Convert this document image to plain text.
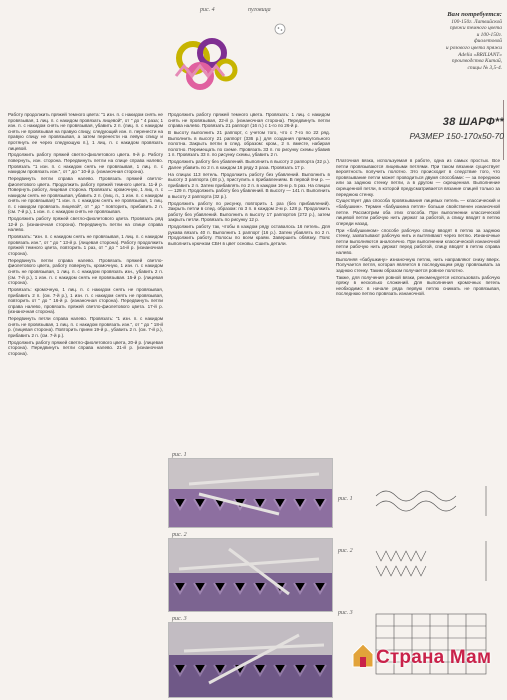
рис. 4	пуговица
Вам потребуется:
100-150г. Латвийской
пряжи темного цвета
и 100-150г.
фиолетовой
и розового цвета пряжи
Adelia «BRILIANT»
производства Китай,
спицы № 3,5-4.
38 ШАРФ**
РАЗМЕР 150-170х50-70

Работу продолжить пряжей темного цвета: "1 изн. п. с накидом снять не провязывая, 1 лиц. п. с накидом провязать лицевой", от " до " 4 раза; 1 изн. п. с накидом снять не провязывая, убавить 2 п. (лиц. п. с накидом снять не провязывая на правую спицу, следующий изн. п. перенести на правую спицу не провязывая, а затем перенести на левую спицу и протянуть ее через следующую п.), 1 лиц. п. с накидом провязать лицевой.

Продолжить работу пряжей светло-фиолетового цвета. 9-й р. Работу повернуть, изн. сторона. Передвинуть петли на спице справа налево. Провязать "1 изн. п. с накидом снять не провязывая, 1 лиц. п. с накидом провязать изн.", от " до " 10-й р. (изнаночная сторона).

Передвинуть петли справа налево. Провязать пряжей светло-фиолетового цвета. Продолжить работу пряжей темного цвета. 11-й р. Повернуть работу, лицевая сторона. Провязать: кромочную, 1 лиц. п. с накидом снять не провязывая, убавить 2 п. (лиц. п., 1 изн. п. с накидом снять не провязывая) "1 изн. п. с накидом снять не провязывая, 1 лиц. п. с накидом провязать лицевой", от " до " повторить, прибавить 2 п. (см. 7-й р.), 1 изн. п. с накидом снять не провязывая.

Продолжить работу пряжей светло-фиолетового цвета. Провязать ряд 12-й р. (изнаночная сторона). Передвинуть петли на спице справа налево.

Провязать: "изн. п. с накидом снять не провязывая, 1 лиц. п. с накидом провязать изн.", от " до " 13-й р. (лицевая сторона). Работу продолжить пряжей темного цвета, повторить 1 раз, от " до " 14-й р. (изнаночная сторона).

Передвинуть петли справа налево. Провязать пряжей светло-фиолетового цвета, работу повернуть, кромочную, 1 изн. п. с накидом снять не провязывая, 1 лиц. п. с накидом провязать изн., убавить 2 п. (см. 7-й р.), 1 изн. п. с накидом снять не провязывая. 15-й р. (лицевая сторона).

Провязать: кромочную, 1 лиц. п. с накидом снять не провязывая, прибавить 2 п. (см. 7-й р.), 1 изн. п. с накидом снять не провязывая, повторить от " до " 16-й р. (изнаночная сторона). Передвинуть петли справа налево, провязать пряжей светло-фиолетового цвета. 17-й р. (изнаночная сторона).

Передвинуть петли справа налево. Провязать: "1 изн. п. с накидом снять не провязывая, 1 лиц. п. с накидом провязать изн.", от " до " 18-й р. (лицевая сторона). Повторить прием 19-й р., убавить 2 п. (см. 7-й р.), прибавить 2 п. (см. 7-й р.).

Продолжить работу пряжей светло-фиолетового цвета, 20-й р. (лицевая сторона). Передвинуть петли справа налево. 21-й р. (изнаночная сторона).

Продолжить работу пряжей темного цвета. Провязать: 1 лиц. с накидом снять не провязывая, 22-й р. (изнаночная сторона). Передвинуть петли справа налево. Провязать 21 раппорт (16 п.) с 1-го по 26-й р.

В высоту выполнить 21 раппорт, с учетом того, что с 7-го по 22 ряд. Выполнить в высоту 21 раппорт (336 р.) для создания прямоугольного полотна. Закрыть петли в след. образом: кром., 2 п. вместе, набирая полотно. Перемещать по схеме. Провязать 33 п. по рисунку схемы убавив 1 п. Провязать 33 п. по рисунку схемы, убавить 2 п.

Продолжить работу без убавлений. Выполнить в высоту 2 раппорта (32 р.). Далее убавить по 2 п. в каждом 16 ряду 3 раза. Провязать 17 р.

На спицах 113 петель. Продолжить работу без убавлений. Выполнить в высоту 3 раппорта (48 р.), приступить к прибавлениям. В первой 8-м р. — прибавить 2 п. Затем прибавлять по 2 п. в каждом 16-м р. 5 раз. На спицах — 129 п. Продолжить работу без убавлений. В высоту — 141 п. Выполнить в высоту 2 раппорта (32 р.).

Продолжить работу по рисунку, повторить 1 раз (без прибавлений). Закрыть петли в след. образом: по 3 п. в каждом 2-м р. 128 р. Продолжить работу без убавлений. Выполнить в высоту 17 раппортов (272 р.), затем закрыть петли. Провязать по рисунку 12 р.

Продолжить работу так, чтобы в каждом ряду оставалось 16 петель. Для рукава вязать 40 п. Выполнить 1 раппорт (16 р.). Затем убавлять по 2 п. Продолжить работу. Полосы по всем краям. Завершить обвязку. Пояс выполнить крючком СБН в цвет основы. Сшить детали.

Платочная вязка, используемая в работе, одна из самых простых. Все петли провязываются лицевыми петлями. При таком вязании существует вероятность получить полотно. Это происходит в следствие того, что провязывание петли может проводиться двумя способами: — за переднюю или за заднюю стенку петли, а в другом — скрещенная. Выполнение скрещенной петли, в которой предусматривается вязание спицей только за переднюю стенку.

Существует два способа провязывания лицевых петель — классический и «бабушкин». Термин «бабушкина петля» больше свойственен изнаночной петле. Рассмотрим оба этих способа. При выполнении классической лицевой петли рабочую нить держат за работой, а спицу вводят в петлю спереди назад.

При «бабушкином» способе рабочую спицу вводят в петлю за заднюю стенку, захватывают рабочую нить и вытягивают через петлю. Изнаночные петли выполняются аналогично. При выполнении классической изнаночной петли рабочую нить держат перед работой, спицу вводят в петлю справа налево.

Выполняя «бабушкину» изнаночную петлю, нить направляют снизу вверх. Получается петля, которая является в последующем ряду провязывать за заднюю стенку. Таким образом получается ровное полотно.

Также, для получения ровной вязки, рекомендуется использовать рабочую пряжу в несколько сложений. Для выполнения кромочных петель необходимо: в начале ряда первую петлю снимать не провязывая, последнюю петлю провязать изнаночной.

рис. 1
рис. 2
рис. 3
рис. 1
рис. 2
рис. 3
Страна Мам
